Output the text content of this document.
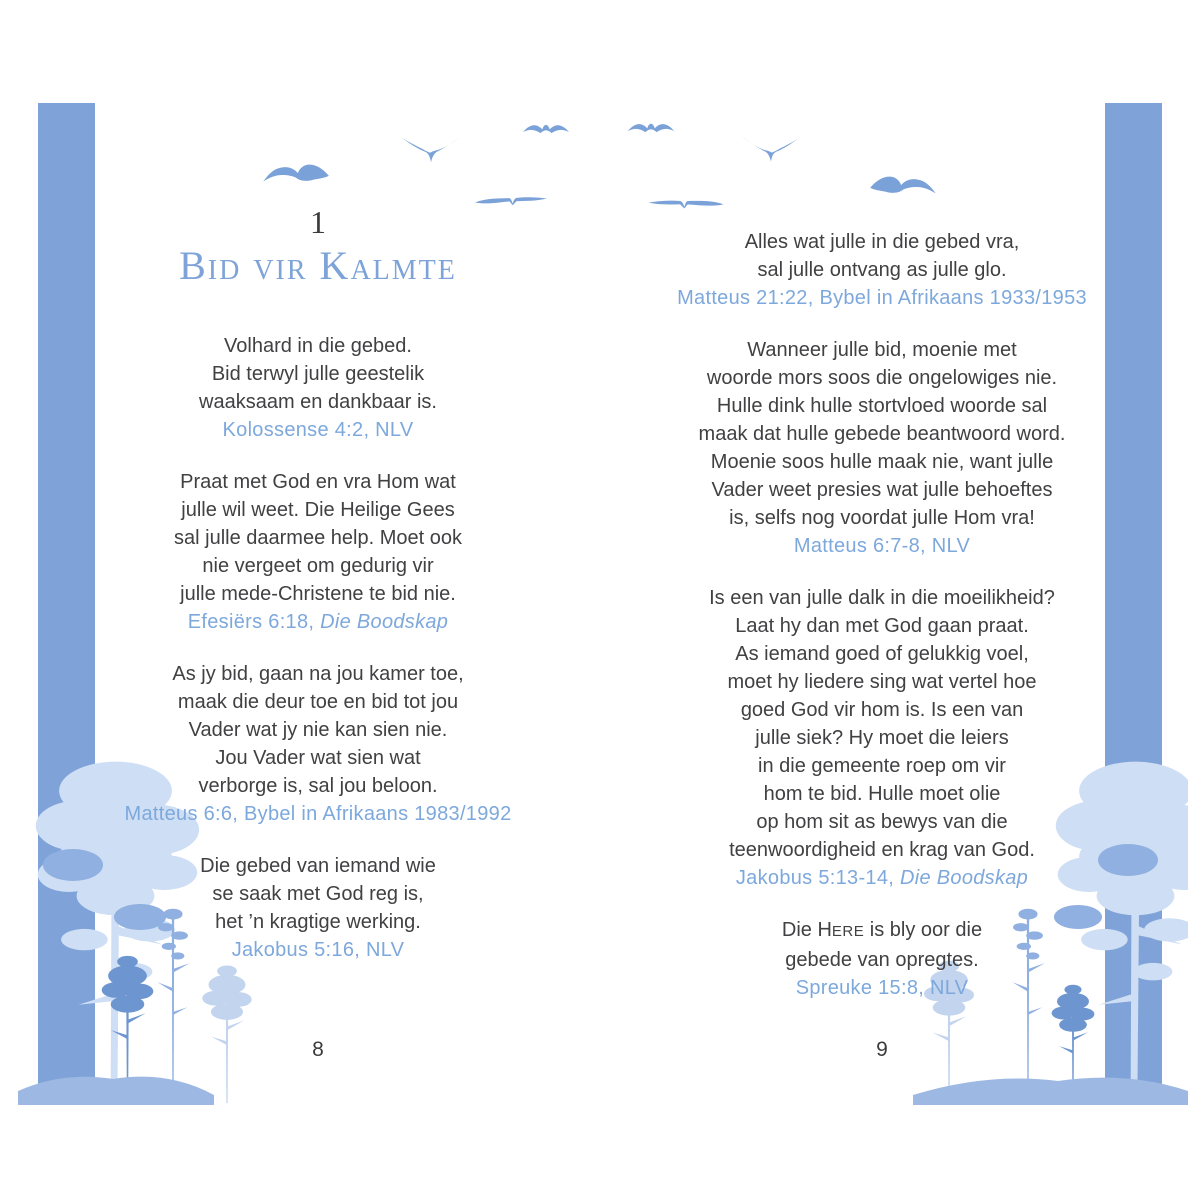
1
Bid vir Kalmte
Volhard in die gebed.
Bid terwyl julle geestelik
waaksaam en dankbaar is.
Kolossense 4:2, NLV
Praat met God en vra Hom wat
julle wil weet. Die Heilige Gees
sal julle daarmee help. Moet ook
nie vergeet om gedurig vir
julle mede-Christene te bid nie.
Efesiërs 6:18, Die Boodskap
As jy bid, gaan na jou kamer toe,
maak die deur toe en bid tot jou
Vader wat jy nie kan sien nie.
Jou Vader wat sien wat
verborge is, sal jou beloon.
Matteus 6:6, Bybel in Afrikaans 1983/1992
Die gebed van iemand wie
se saak met God reg is,
het ’n kragtige werking.
Jakobus 5:16, NLV
Alles wat julle in die gebed vra,
sal julle ontvang as julle glo.
Matteus 21:22, Bybel in Afrikaans 1933/1953
Wanneer julle bid, moenie met
woorde mors soos die ongelowiges nie.
Hulle dink hulle stortvloed woorde sal
maak dat hulle gebede beantwoord word.
Moenie soos hulle maak nie, want julle
Vader weet presies wat julle behoeftes
is, selfs nog voordat julle Hom vra!
Matteus 6:7-8, NLV
Is een van julle dalk in die moeilikheid?
Laat hy dan met God gaan praat.
As iemand goed of gelukkig voel,
moet hy liedere sing wat vertel hoe
goed God vir hom is. Is een van
julle siek? Hy moet die leiers
in die gemeente roep om vir
hom te bid. Hulle moet olie
op hom sit as bewys van die
teenwoordigheid en krag van God.
Jakobus 5:13-14, Die Boodskap
Die HERE is bly oor die
gebede van opregtes.
Spreuke 15:8, NLV
8	9
